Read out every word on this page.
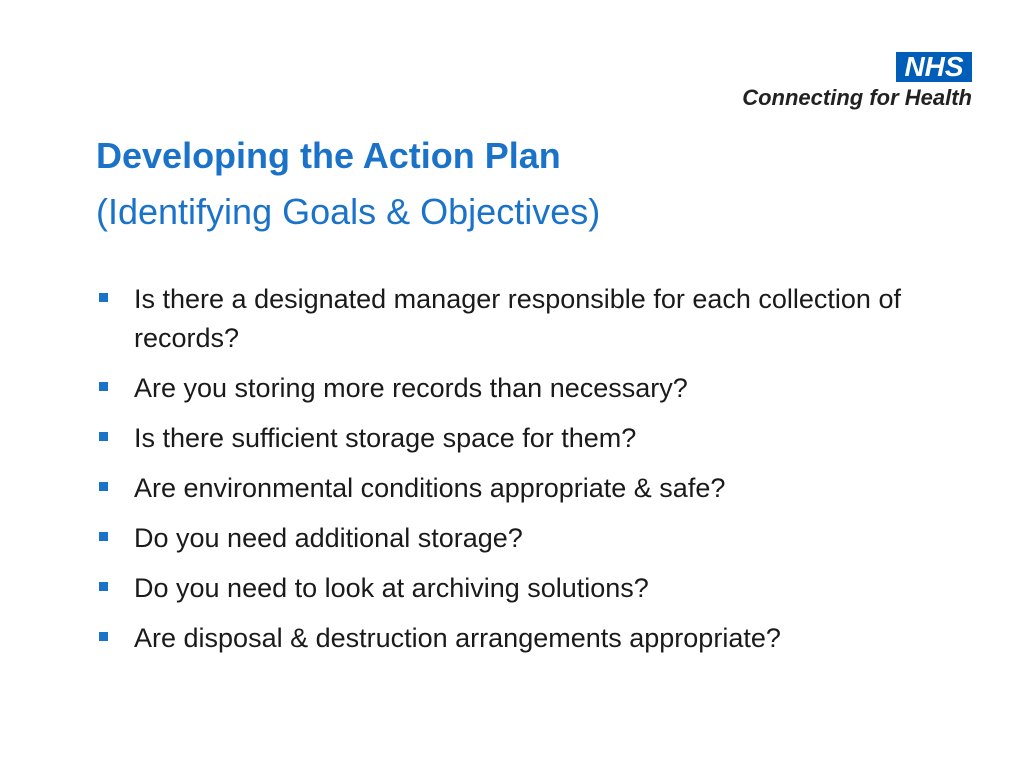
NHS
Connecting for Health
Developing the Action Plan
(Identifying Goals & Objectives)
Is there a designated manager responsible for each collection of records?
Are you storing more records than necessary?
Is there sufficient storage space for them?
Are environmental conditions appropriate & safe?
Do you need additional storage?
Do you need to look at archiving solutions?
Are disposal & destruction arrangements appropriate?
